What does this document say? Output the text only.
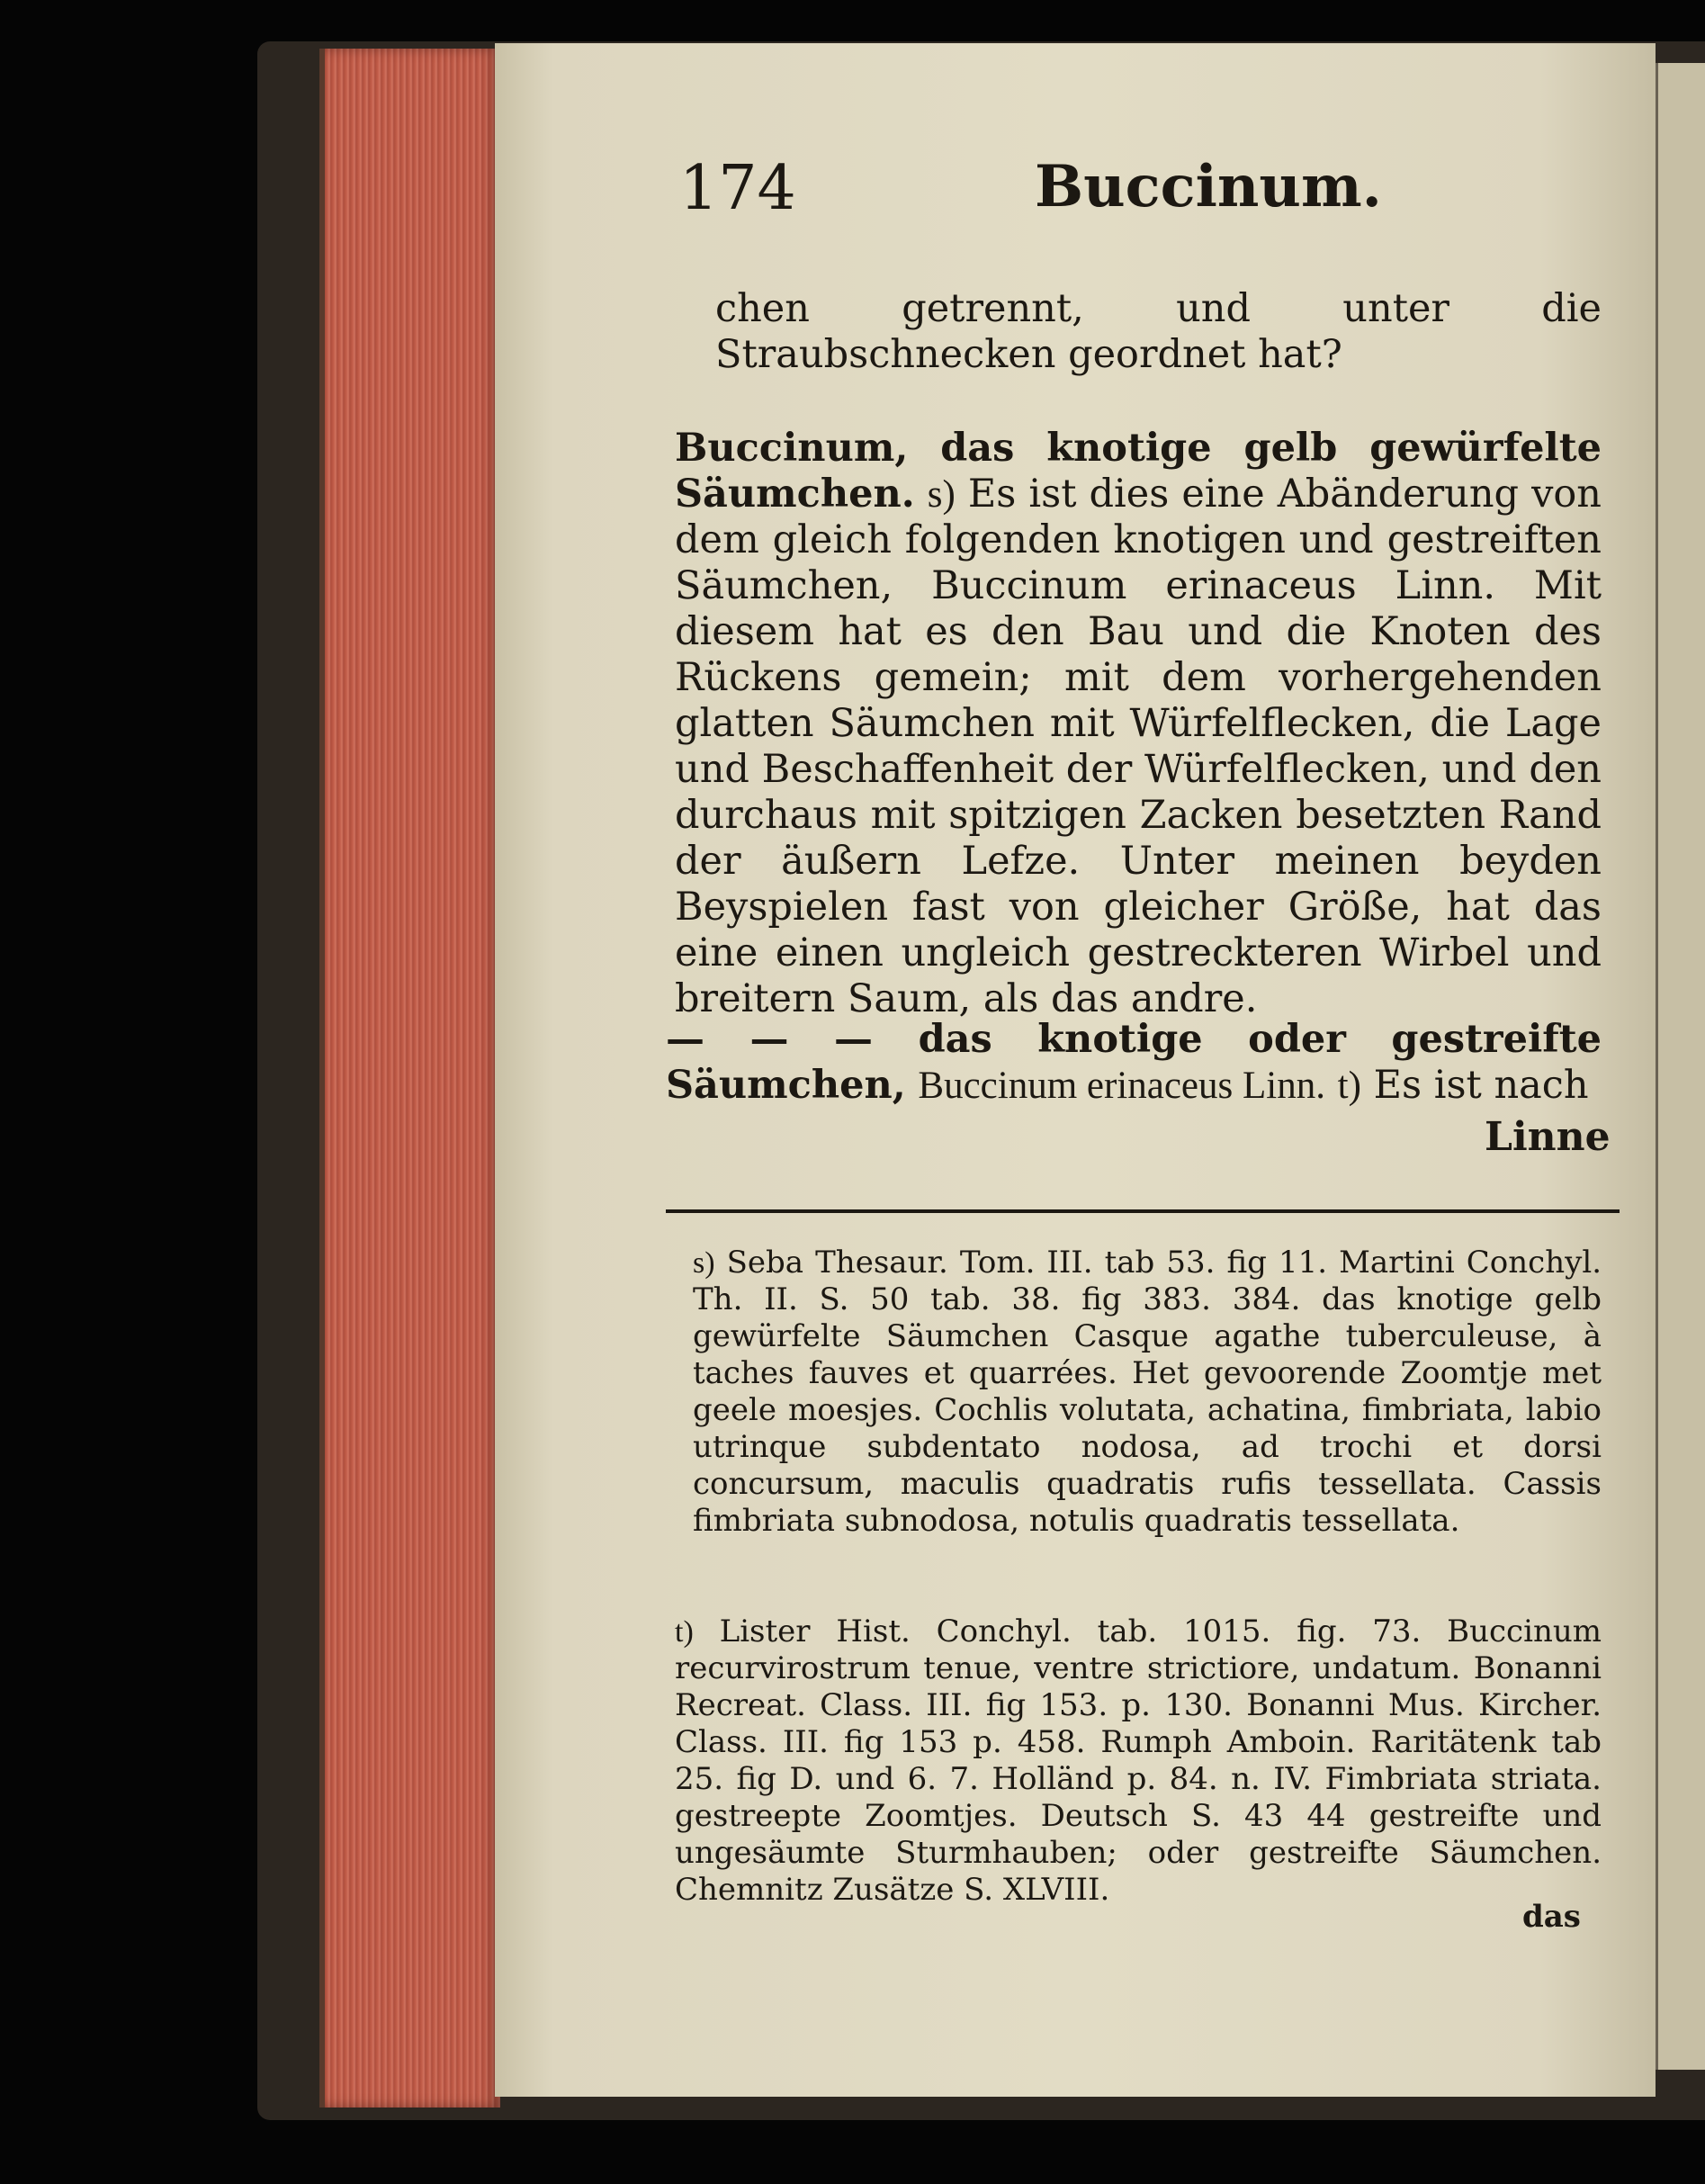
174	Buccinum.

chen getrennt, und unter die Straubschnecken geordnet hat?

Buccinum, das knotige gelb gewürfelte Säumchen. s) Es ist dies eine Abänderung von dem gleich folgenden knotigen und gestreiften Säumchen, Buccinum erinaceus Linn. Mit diesem hat es den Bau und die Knoten des Rückens gemein; mit dem vorhergehenden glatten Säumchen mit Würfelflecken, die Lage und Beschaffenheit der Würfelflecken, und den durchaus mit spitzigen Zacken besetzten Rand der äußern Lefze. Unter meinen beyden Beyspielen fast von gleicher Größe, hat das eine einen ungleich gestreckteren Wirbel und breitern Saum, als das andre.

— — — das knotige oder gestreifte Säumchen, Buccinum erinaceus Linn. t) Es ist nach

Linne

s) Seba Thesaur. Tom. III. tab 53. fig 11. Martini Conchyl. Th. II. S. 50 tab. 38. fig 383. 384. das knotige gelb gewürfelte Säumchen Casque agathe tuberculeuse, à taches fauves et quarrées. Het gevoorende Zoomtje met geele moesjes. Cochlis volutata, achatina, fimbriata, labio utrinque subdentato nodosa, ad trochi et dorsi concursum, maculis quadratis rufis tessellata. Cassis fimbriata subnodosa, notulis quadratis tessellata.

t) Lister Hist. Conchyl. tab. 1015. fig. 73. Buccinum recurvirostrum tenue, ventre strictiore, undatum. Bonanni Recreat. Class. III. fig 153. p. 130. Bonanni Mus. Kircher. Class. III. fig 153 p. 458. Rumph Amboin. Raritätenk tab 25. fig D. und 6. 7. Holländ p. 84. n. IV. Fimbriata striata. gestreepte Zoomtjes. Deutsch S. 43 44 gestreifte und ungesäumte Sturmhauben; oder gestreifte Säumchen. Chemnitz Zusätze S. XLVIII.

das
